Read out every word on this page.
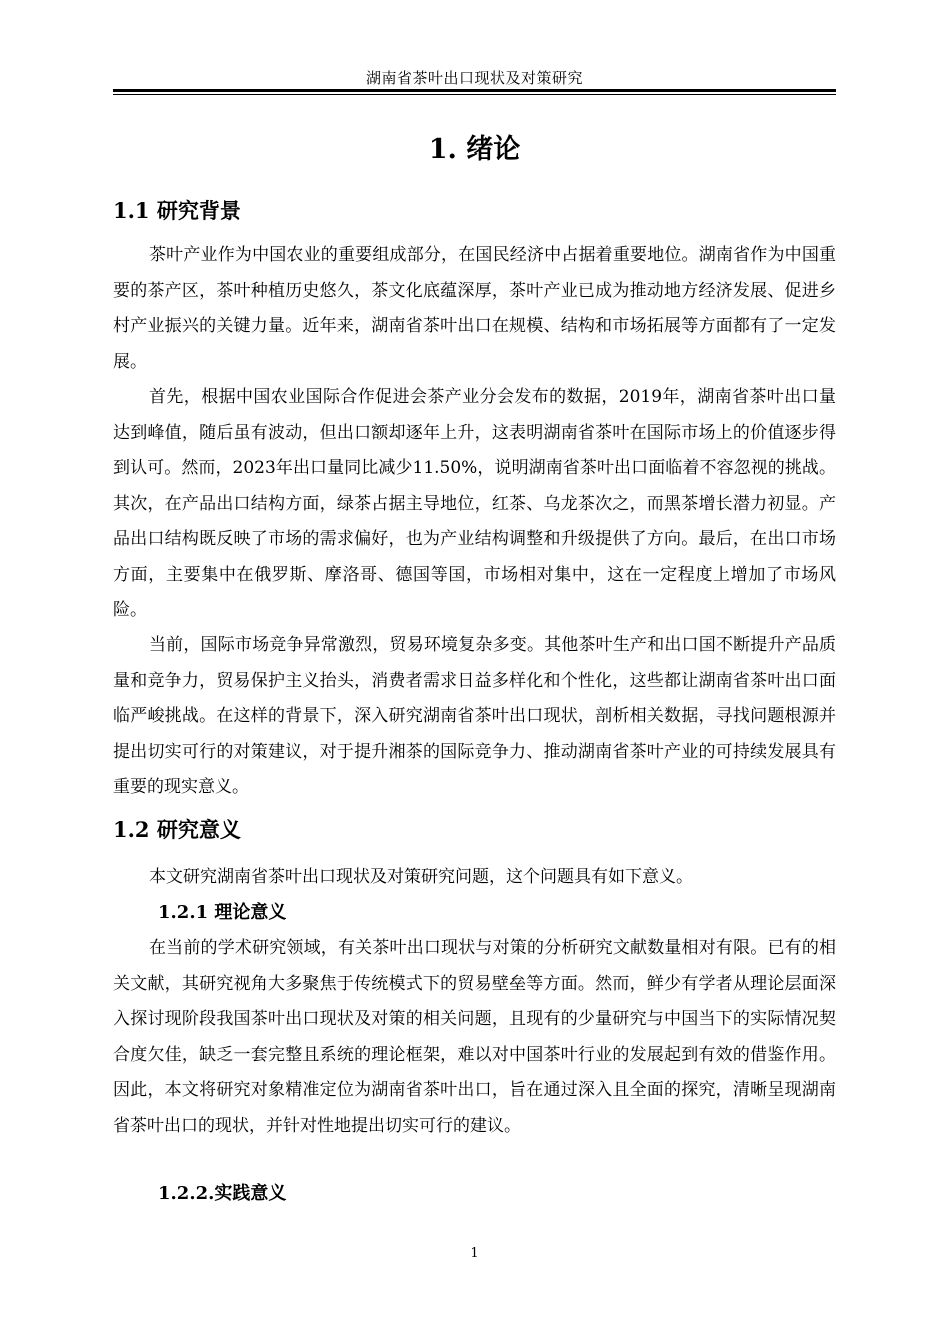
湖南省茶叶出口现状及对策研究
1. 绪论
1.1 研究背景

茶叶产业作为中国农业的重要组成部分，在国民经济中占据着重要地位。湖南省作为中国重要的茶产区，茶叶种植历史悠久，茶文化底蕴深厚，茶叶产业已成为推动地方经济发展、促进乡村产业振兴的关键力量。近年来，湖南省茶叶出口在规模、结构和市场拓展等方面都有了一定发展。

首先，根据中国农业国际合作促进会茶产业分会发布的数据，2019年，湖南省茶叶出口量达到峰值，随后虽有波动，但出口额却逐年上升，这表明湖南省茶叶在国际市场上的价值逐步得到认可。然而，2023年出口量同比减少11.50%，说明湖南省茶叶出口面临着不容忽视的挑战。其次，在产品出口结构方面，绿茶占据主导地位，红茶、乌龙茶次之，而黑茶增长潜力初显。产品出口结构既反映了市场的需求偏好，也为产业结构调整和升级提供了方向。最后，在出口市场方面，主要集中在俄罗斯、摩洛哥、德国等国，市场相对集中，这在一定程度上增加了市场风险。

当前，国际市场竞争异常激烈，贸易环境复杂多变。其他茶叶生产和出口国不断提升产品质量和竞争力，贸易保护主义抬头，消费者需求日益多样化和个性化，这些都让湖南省茶叶出口面临严峻挑战。在这样的背景下，深入研究湖南省茶叶出口现状，剖析相关数据，寻找问题根源并提出切实可行的对策建议，对于提升湘茶的国际竞争力、推动湖南省茶叶产业的可持续发展具有重要的现实意义。

1.2 研究意义

本文研究湖南省茶叶出口现状及对策研究问题，这个问题具有如下意义。

1.2.1 理论意义

在当前的学术研究领域，有关茶叶出口现状与对策的分析研究文献数量相对有限。已有的相关文献，其研究视角大多聚焦于传统模式下的贸易壁垒等方面。然而，鲜少有学者从理论层面深入探讨现阶段我国茶叶出口现状及对策的相关问题，且现有的少量研究与中国当下的实际情况契合度欠佳，缺乏一套完整且系统的理论框架，难以对中国茶叶行业的发展起到有效的借鉴作用。因此，本文将研究对象精准定位为湖南省茶叶出口，旨在通过深入且全面的探究，清晰呈现湖南省茶叶出口的现状，并针对性地提出切实可行的建议。

1.2.2.实践意义
1
